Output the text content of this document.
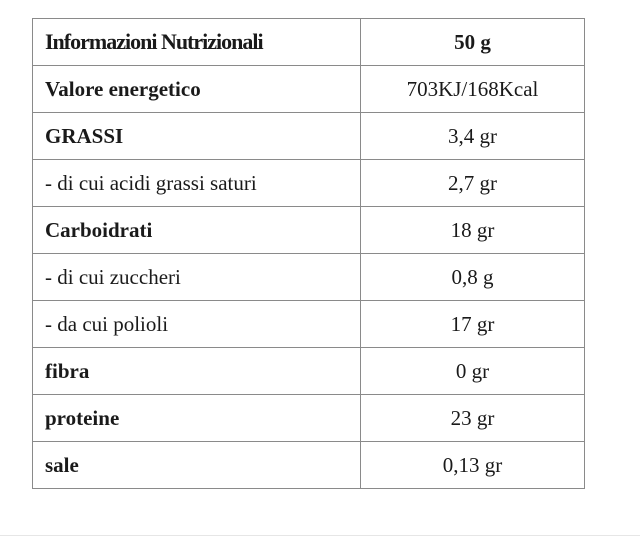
Informazioni Nutrizionali	50 g
Valore energetico	703KJ/168Kcal
GRASSI	3,4 gr
- di cui acidi grassi saturi	2,7 gr
Carboidrati	18 gr
- di cui zuccheri	0,8 g
- da cui polioli	17 gr
fibra	0 gr
proteine	23 gr
sale	0,13 gr
